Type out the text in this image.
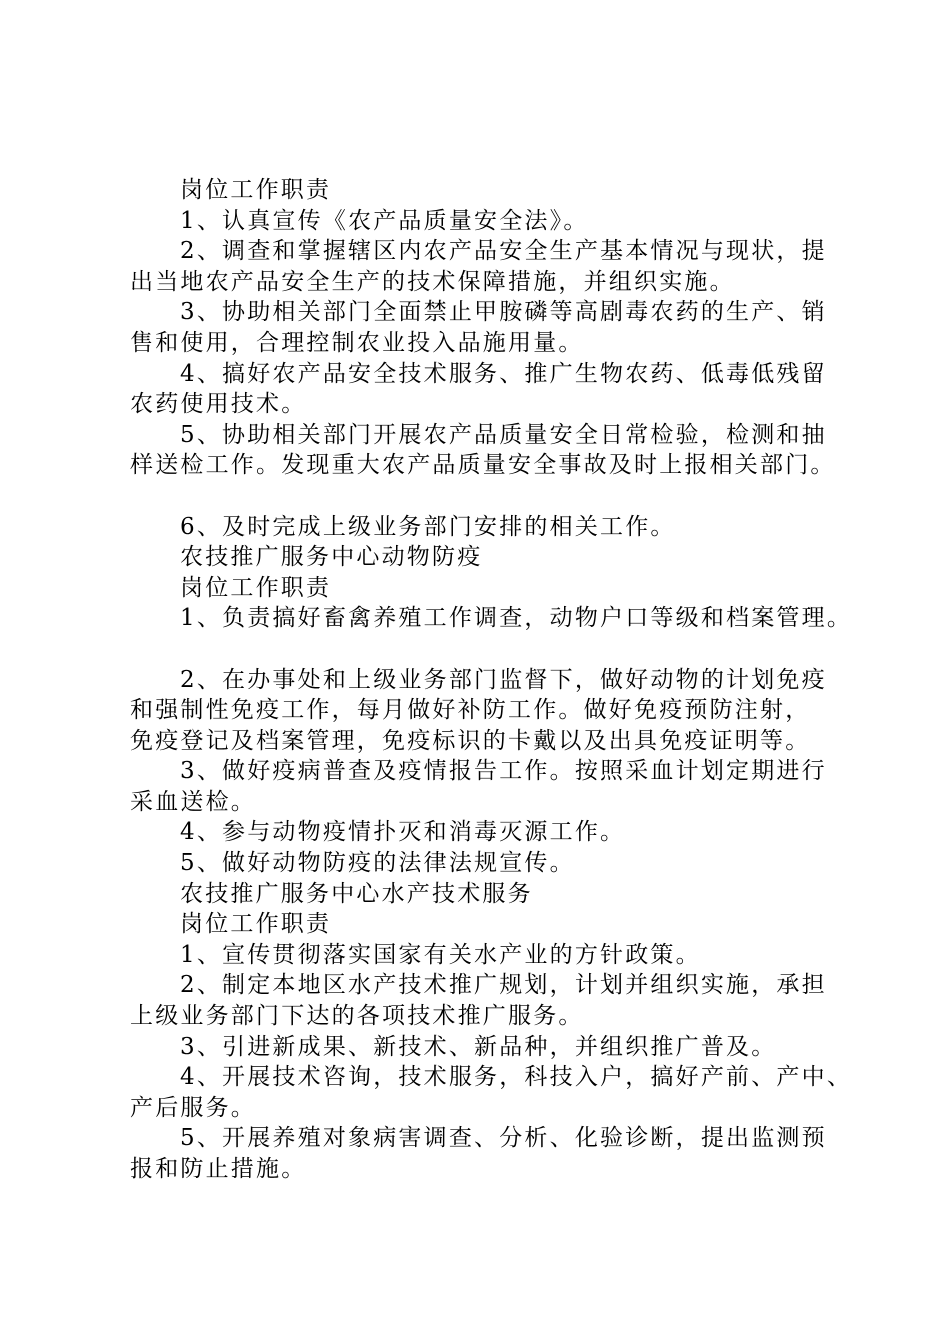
岗位工作职责
1、认真宣传《农产品质量安全法》。
2、调查和掌握辖区内农产品安全生产基本情况与现状，提
出当地农产品安全生产的技术保障措施，并组织实施。
3、协助相关部门全面禁止甲胺磷等高剧毒农药的生产、销
售和使用，合理控制农业投入品施用量。
4、搞好农产品安全技术服务、推广生物农药、低毒低残留
农药使用技术。
5、协助相关部门开展农产品质量安全日常检验，检测和抽
样送检工作。发现重大农产品质量安全事故及时上报相关部门。
6、及时完成上级业务部门安排的相关工作。
农技推广服务中心动物防疫
岗位工作职责
1、负责搞好畜禽养殖工作调查，动物户口等级和档案管理。
2、在办事处和上级业务部门监督下，做好动物的计划免疫
和强制性免疫工作，每月做好补防工作。做好免疫预防注射，
免疫登记及档案管理，免疫标识的卡戴以及出具免疫证明等。
3、做好疫病普查及疫情报告工作。按照采血计划定期进行
采血送检。
4、参与动物疫情扑灭和消毒灭源工作。
5、做好动物防疫的法律法规宣传。
农技推广服务中心水产技术服务
岗位工作职责
1、宣传贯彻落实国家有关水产业的方针政策。
2、制定本地区水产技术推广规划，计划并组织实施，承担
上级业务部门下达的各项技术推广服务。
3、引进新成果、新技术、新品种，并组织推广普及。
4、开展技术咨询，技术服务，科技入户，搞好产前、产中、
产后服务。
5、开展养殖对象病害调查、分析、化验诊断，提出监测预
报和防止措施。
